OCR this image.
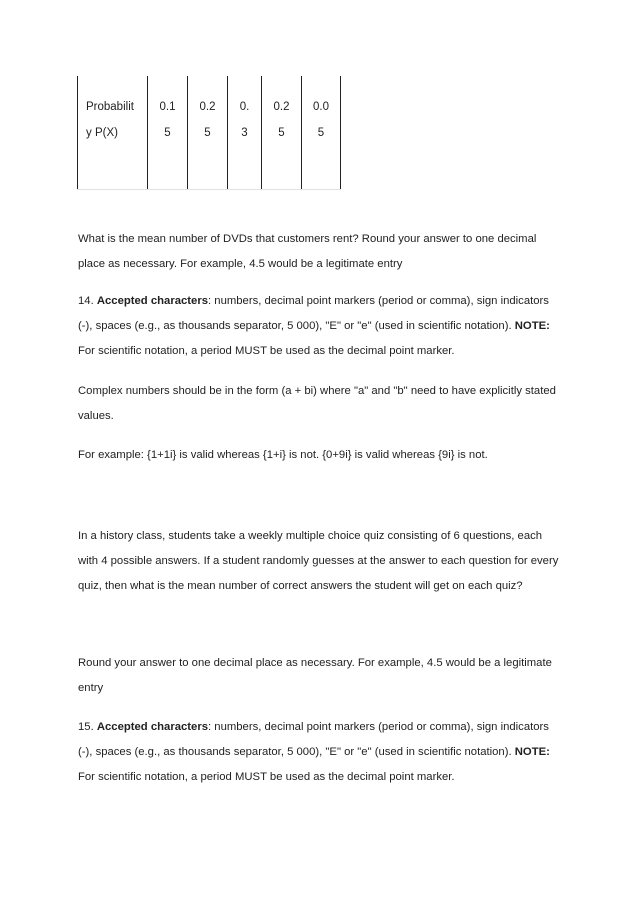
Probabilit
y P(X)
0.1
5
0.2
5
0.
3
0.2
5
0.0
5
What is the mean number of DVDs that customers rent? Round your answer to one decimal
place as necessary. For example, 4.5 would be a legitimate entry
14. Accepted characters: numbers, decimal point markers (period or comma), sign indicators
(-), spaces (e.g., as thousands separator, 5 000), "E" or "e" (used in scientific notation). NOTE:
For scientific notation, a period MUST be used as the decimal point marker.
Complex numbers should be in the form (a + bi) where "a" and "b" need to have explicitly stated
values.
For example: {1+1i} is valid whereas {1+i} is not. {0+9i} is valid whereas {9i} is not.
In a history class, students take a weekly multiple choice quiz consisting of 6 questions, each
with 4 possible answers. If a student randomly guesses at the answer to each question for every
quiz, then what is the mean number of correct answers the student will get on each quiz?
Round your answer to one decimal place as necessary. For example, 4.5 would be a legitimate
entry
15. Accepted characters: numbers, decimal point markers (period or comma), sign indicators
(-), spaces (e.g., as thousands separator, 5 000), "E" or "e" (used in scientific notation). NOTE:
For scientific notation, a period MUST be used as the decimal point marker.
